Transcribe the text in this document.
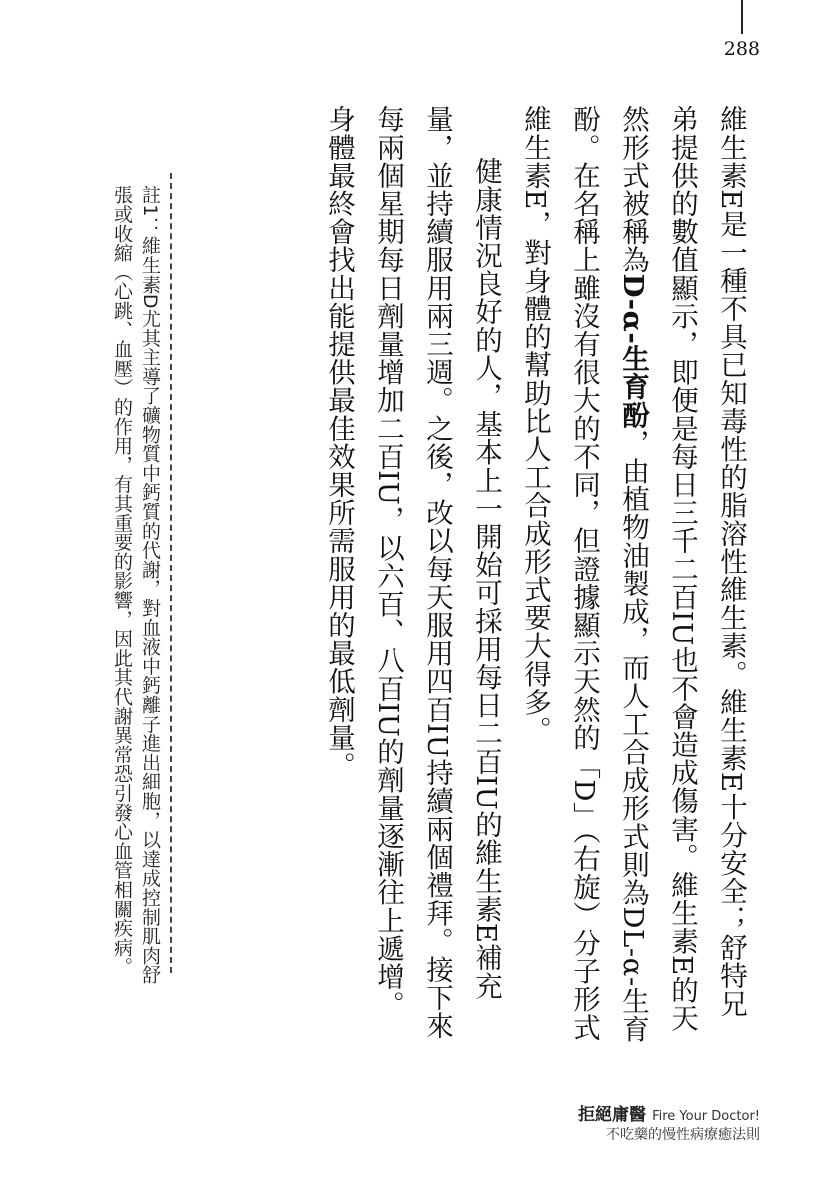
288

維生素E是一種不具已知毒性的脂溶性維生素。維生素E十分安全；舒特兄弟提供的數值顯示，即便是每日三千二百IU也不會造成傷害。維生素E的天然形式被稱為D-α-生育酚，由植物油製成，而人工合成形式則為DL-α-生育酚。在名稱上雖沒有很大的不同，但證據顯示天然的「D」（右旋）分子形式維生素E，對身體的幫助比人工合成形式要大得多。

健康情況良好的人，基本上一開始可採用每日二百IU的維生素E補充量，並持續服用兩三週。之後，改以每天服用四百IU持續兩個禮拜。接下來每兩個星期每日劑量增加二百IU，以六百、八百IU的劑量逐漸往上遞增。身體最終會找出能提供最佳效果所需服用的最低劑量。

註1：維生素D尤其主導了礦物質中鈣質的代謝，對血液中鈣離子進出細胞，以達成控制肌肉舒張或收縮（心跳、血壓）的作用，有其重要的影響，因此其代謝異常恐引發心血管相關疾病。
拒絕庸醫 Fire Your Doctor!
不吃藥的慢性病療癒法則
